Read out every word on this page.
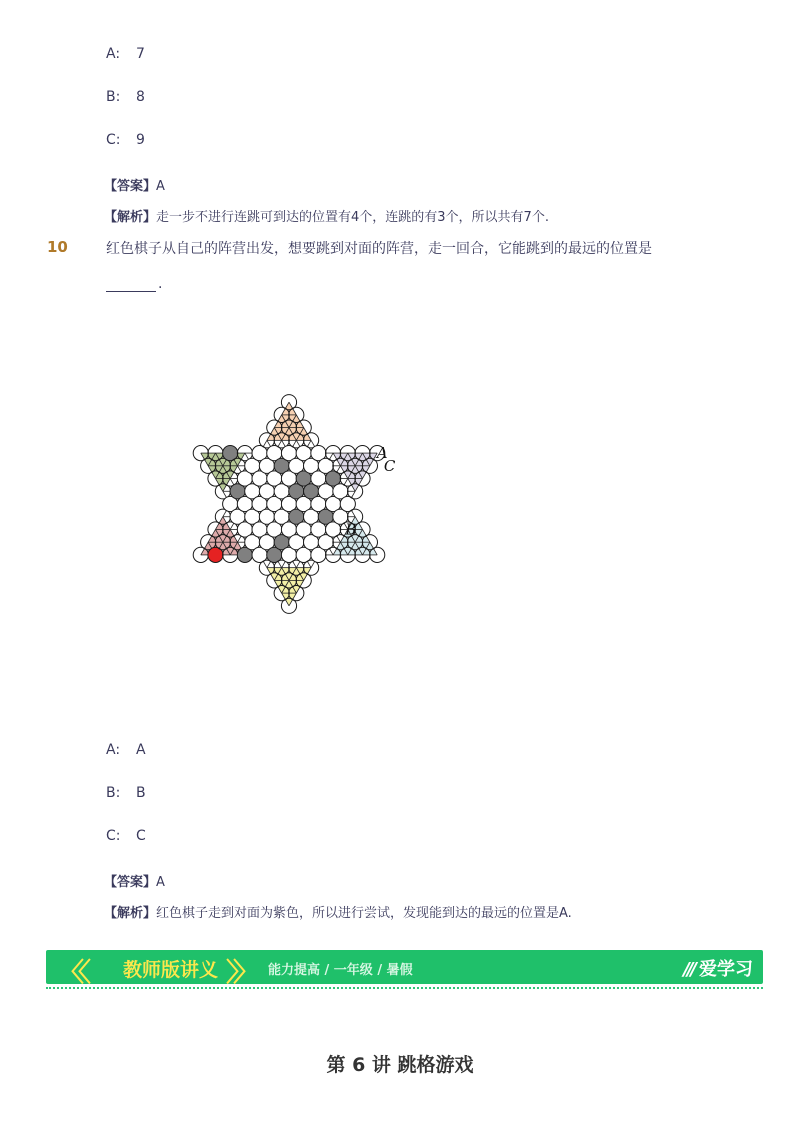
A: 7
B: 8
C: 9
【答案】A
【解析】走一步不进行连跳可到达的位置有4个，连跳的有3个，所以共有7个.
10	红色棋子从自己的阵营出发，想要跳到对面的阵营，走一回合，它能跳到的最远的位置是
.
A
C
B
A: A
B: B
C: C
【答案】A
【解析】红色棋子走到对面为紫色，所以进行尝试，发现能到达的最远的位置是A.
〈〈 教师版讲义 〉〉 能力提高 / 一年级 / 暑假	/// 爱学习
第 6 讲 跳格游戏
